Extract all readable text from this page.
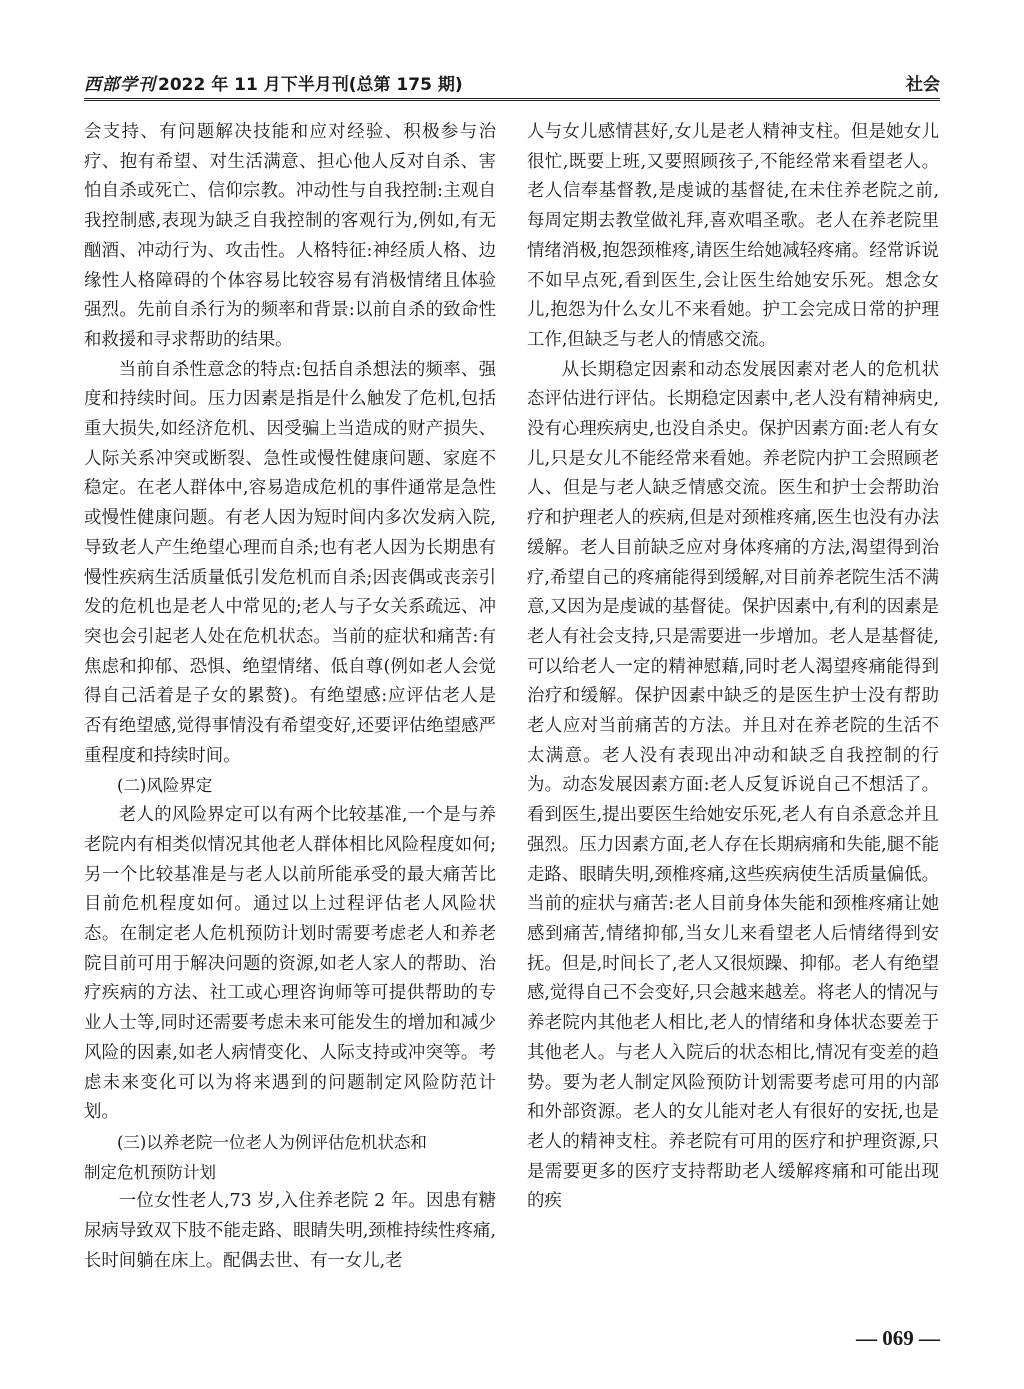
西部学刊 2022 年 11 月下半月刊(总第 175 期)	社会

会支持、有问题解决技能和应对经验、积极参与治疗、抱有希望、对生活满意、担心他人反对自杀、害怕自杀或死亡、信仰宗教。冲动性与自我控制:主观自我控制感,表现为缺乏自我控制的客观行为,例如,有无酗酒、冲动行为、攻击性。人格特征:神经质人格、边缘性人格障碍的个体容易比较容易有消极情绪且体验强烈。先前自杀行为的频率和背景:以前自杀的致命性和救援和寻求帮助的结果。

当前自杀性意念的特点:包括自杀想法的频率、强度和持续时间。压力因素是指是什么触发了危机,包括重大损失,如经济危机、因受骗上当造成的财产损失、人际关系冲突或断裂、急性或慢性健康问题、家庭不稳定。在老人群体中,容易造成危机的事件通常是急性或慢性健康问题。有老人因为短时间内多次发病入院,导致老人产生绝望心理而自杀;也有老人因为长期患有慢性疾病生活质量低引发危机而自杀;因丧偶或丧亲引发的危机也是老人中常见的;老人与子女关系疏远、冲突也会引起老人处在危机状态。当前的症状和痛苦:有焦虑和抑郁、恐惧、绝望情绪、低自尊(例如老人会觉得自己活着是子女的累赘)。有绝望感:应评估老人是否有绝望感,觉得事情没有希望变好,还要评估绝望感严重程度和持续时间。

(二)风险界定

老人的风险界定可以有两个比较基准,一个是与养老院内有相类似情况其他老人群体相比风险程度如何;另一个比较基准是与老人以前所能承受的最大痛苦比目前危机程度如何。通过以上过程评估老人风险状态。在制定老人危机预防计划时需要考虑老人和养老院目前可用于解决问题的资源,如老人家人的帮助、治疗疾病的方法、社工或心理咨询师等可提供帮助的专业人士等,同时还需要考虑未来可能发生的增加和减少风险的因素,如老人病情变化、人际支持或冲突等。考虑未来变化可以为将来遇到的问题制定风险防范计划。

(三)以养老院一位老人为例评估危机状态和

制定危机预防计划

一位女性老人,73 岁,入住养老院 2 年。因患有糖尿病导致双下肢不能走路、眼睛失明,颈椎持续性疼痛,长时间躺在床上。配偶去世、有一女儿,老

人与女儿感情甚好,女儿是老人精神支柱。但是她女儿很忙,既要上班,又要照顾孩子,不能经常来看望老人。老人信奉基督教,是虔诚的基督徒,在未住养老院之前,每周定期去教堂做礼拜,喜欢唱圣歌。老人在养老院里情绪消极,抱怨颈椎疼,请医生给她减轻疼痛。经常诉说不如早点死,看到医生,会让医生给她安乐死。想念女儿,抱怨为什么女儿不来看她。护工会完成日常的护理工作,但缺乏与老人的情感交流。

从长期稳定因素和动态发展因素对老人的危机状态评估进行评估。长期稳定因素中,老人没有精神病史,没有心理疾病史,也没自杀史。保护因素方面:老人有女儿,只是女儿不能经常来看她。养老院内护工会照顾老人、但是与老人缺乏情感交流。医生和护士会帮助治疗和护理老人的疾病,但是对颈椎疼痛,医生也没有办法缓解。老人目前缺乏应对身体疼痛的方法,渴望得到治疗,希望自己的疼痛能得到缓解,对目前养老院生活不满意,又因为是虔诚的基督徒。保护因素中,有利的因素是老人有社会支持,只是需要进一步增加。老人是基督徒,可以给老人一定的精神慰藉,同时老人渴望疼痛能得到治疗和缓解。保护因素中缺乏的是医生护士没有帮助老人应对当前痛苦的方法。并且对在养老院的生活不太满意。老人没有表现出冲动和缺乏自我控制的行为。动态发展因素方面:老人反复诉说自己不想活了。看到医生,提出要医生给她安乐死,老人有自杀意念并且强烈。压力因素方面,老人存在长期病痛和失能,腿不能走路、眼睛失明,颈椎疼痛,这些疾病使生活质量偏低。当前的症状与痛苦:老人目前身体失能和颈椎疼痛让她感到痛苦,情绪抑郁,当女儿来看望老人后情绪得到安抚。但是,时间长了,老人又很烦躁、抑郁。老人有绝望感,觉得自己不会变好,只会越来越差。将老人的情况与养老院内其他老人相比,老人的情绪和身体状态要差于其他老人。与老人入院后的状态相比,情况有变差的趋势。要为老人制定风险预防计划需要考虑可用的内部和外部资源。老人的女儿能对老人有很好的安抚,也是老人的精神支柱。养老院有可用的医疗和护理资源,只是需要更多的医疗支持帮助老人缓解疼痛和可能出现的疾

— 069 —
